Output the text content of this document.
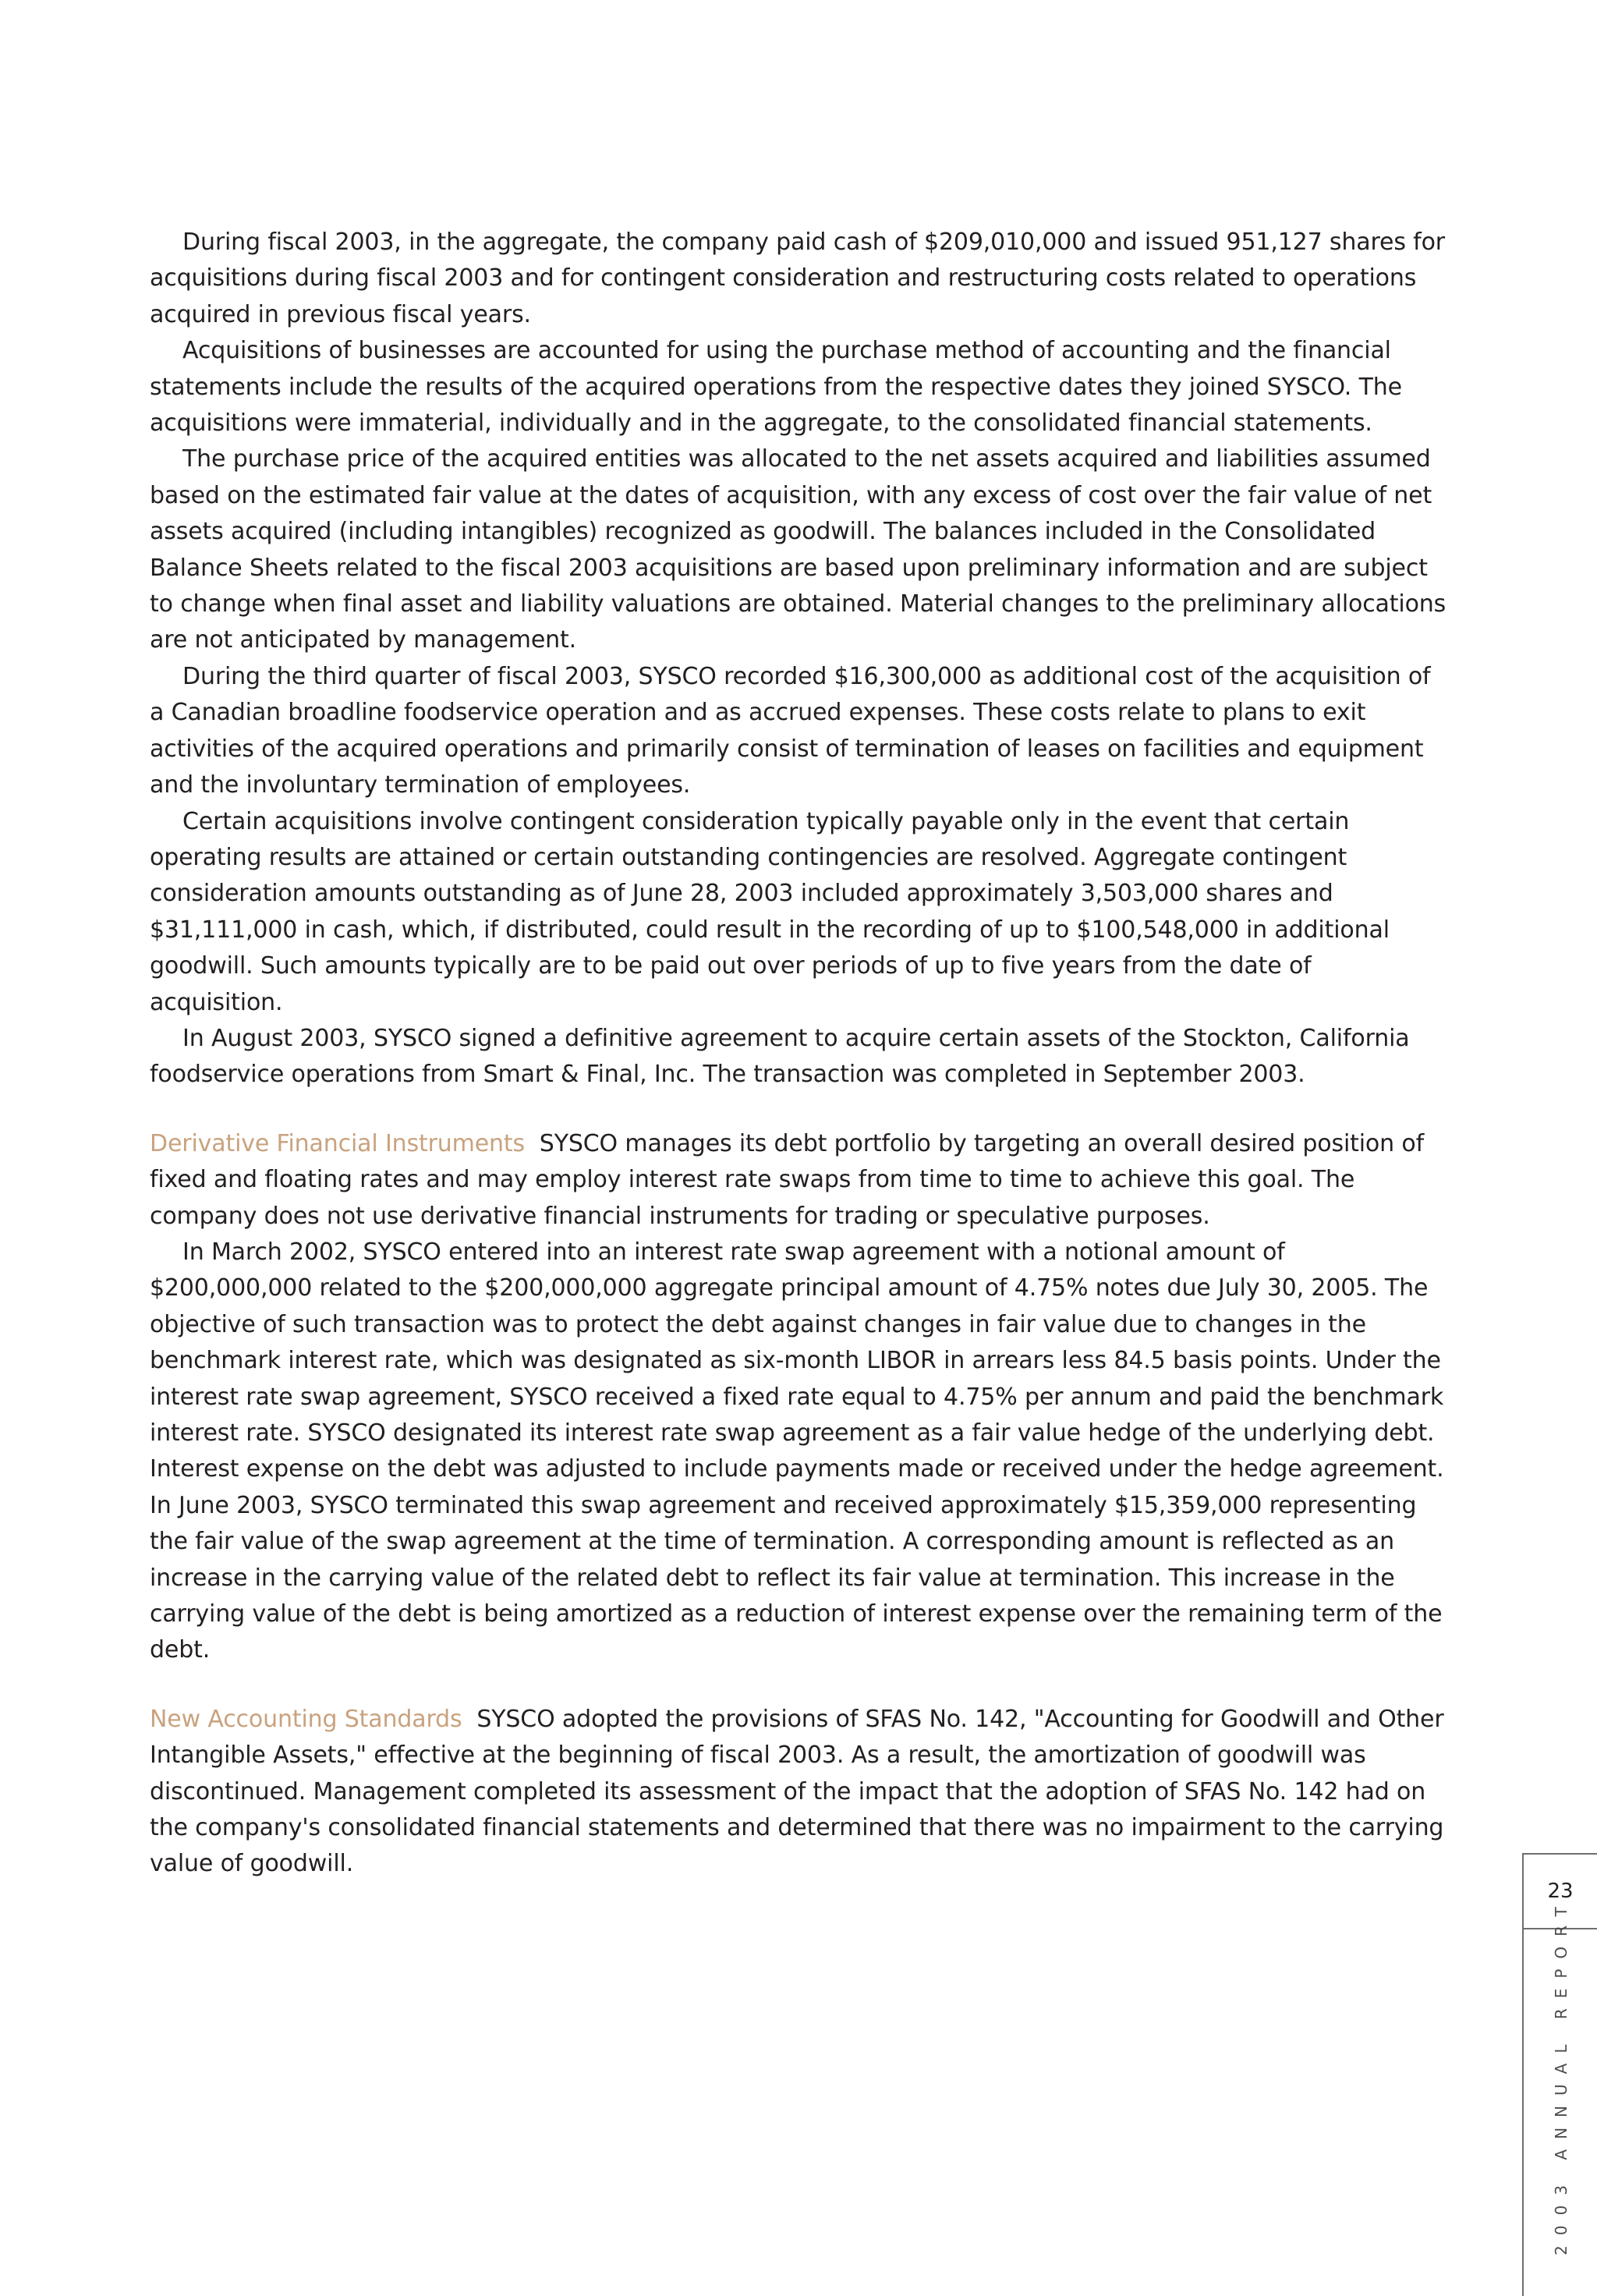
During fiscal 2003, in the aggregate, the company paid cash of $209,010,000 and issued 951,127 shares for acquisitions during fiscal 2003 and for contingent consideration and restructuring costs related to operations acquired in previous fiscal years.

Acquisitions of businesses are accounted for using the purchase method of accounting and the financial statements include the results of the acquired operations from the respective dates they joined SYSCO. The acquisitions were immaterial, individually and in the aggregate, to the consolidated financial statements.

The purchase price of the acquired entities was allocated to the net assets acquired and liabilities assumed based on the estimated fair value at the dates of acquisition, with any excess of cost over the fair value of net assets acquired (including intangibles) recognized as goodwill. The balances included in the Consolidated Balance Sheets related to the fiscal 2003 acquisitions are based upon preliminary information and are subject to change when final asset and liability valuations are obtained. Material changes to the preliminary allocations are not anticipated by management.

During the third quarter of fiscal 2003, SYSCO recorded $16,300,000 as additional cost of the acquisition of a Canadian broadline foodservice operation and as accrued expenses. These costs relate to plans to exit activities of the acquired operations and primarily consist of termination of leases on facilities and equipment and the involuntary termination of employees.

Certain acquisitions involve contingent consideration typically payable only in the event that certain operating results are attained or certain outstanding contingencies are resolved. Aggregate contingent consideration amounts outstanding as of June 28, 2003 included approximately 3,503,000 shares and $31,111,000 in cash, which, if distributed, could result in the recording of up to $100,548,000 in additional goodwill. Such amounts typically are to be paid out over periods of up to five years from the date of acquisition.

In August 2003, SYSCO signed a definitive agreement to acquire certain assets of the Stockton, California foodservice operations from Smart & Final, Inc. The transaction was completed in September 2003.

Derivative Financial Instruments SYSCO manages its debt portfolio by targeting an overall desired position of fixed and floating rates and may employ interest rate swaps from time to time to achieve this goal. The company does not use derivative financial instruments for trading or speculative purposes.

In March 2002, SYSCO entered into an interest rate swap agreement with a notional amount of $200,000,000 related to the $200,000,000 aggregate principal amount of 4.75% notes due July 30, 2005. The objective of such transaction was to protect the debt against changes in fair value due to changes in the benchmark interest rate, which was designated as six-month LIBOR in arrears less 84.5 basis points. Under the interest rate swap agreement, SYSCO received a fixed rate equal to 4.75% per annum and paid the benchmark interest rate. SYSCO designated its interest rate swap agreement as a fair value hedge of the underlying debt. Interest expense on the debt was adjusted to include payments made or received under the hedge agreement. In June 2003, SYSCO terminated this swap agreement and received approximately $15,359,000 representing the fair value of the swap agreement at the time of termination. A corresponding amount is reflected as an increase in the carrying value of the related debt to reflect its fair value at termination. This increase in the carrying value of the debt is being amortized as a reduction of interest expense over the remaining term of the debt.

New Accounting Standards SYSCO adopted the provisions of SFAS No. 142, "Accounting for Goodwill and Other Intangible Assets," effective at the beginning of fiscal 2003. As a result, the amortization of goodwill was discontinued. Management completed its assessment of the impact that the adoption of SFAS No. 142 had on the company's consolidated financial statements and determined that there was no impairment to the carrying value of goodwill.

23
2003 ANNUAL REPORT
